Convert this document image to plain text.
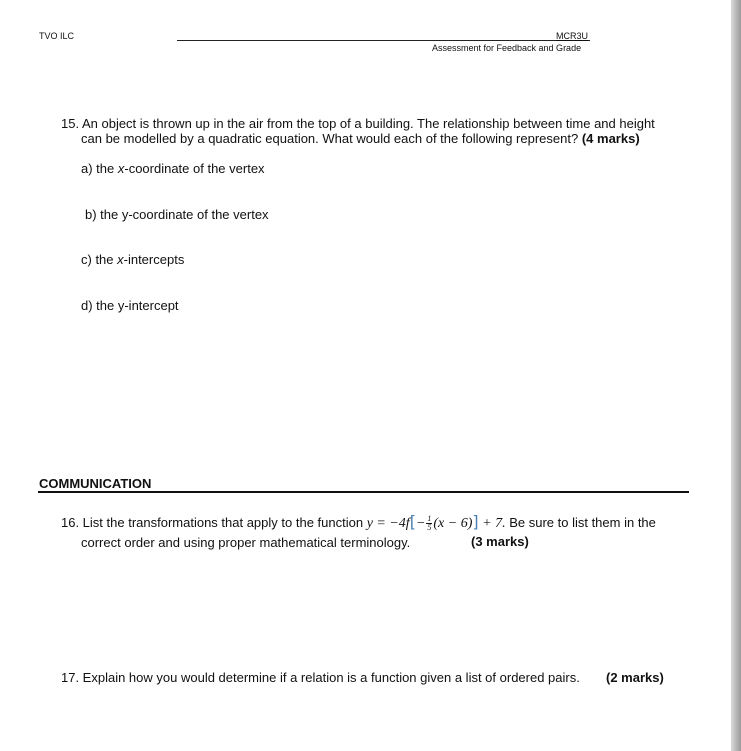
TVO ILC	MCR3U
Assessment for Feedback and Grade
15. An object is thrown up in the air from the top of a building. The relationship between time and height
can be modelled by a quadratic equation. What would each of the following represent? (4 marks)
a) the x-coordinate of the vertex
b) the y-coordinate of the vertex
c) the x-intercepts
d) the y-intercept
COMMUNICATION
16. List the transformations that apply to the function $y = -4f[- \frac{1}{5} (x - 6)] + 7$. Be sure to list them in the
correct order and using proper mathematical terminology.	(3 marks)
17. Explain how you would determine if a relation is a function given a list of ordered pairs. (2 marks)
